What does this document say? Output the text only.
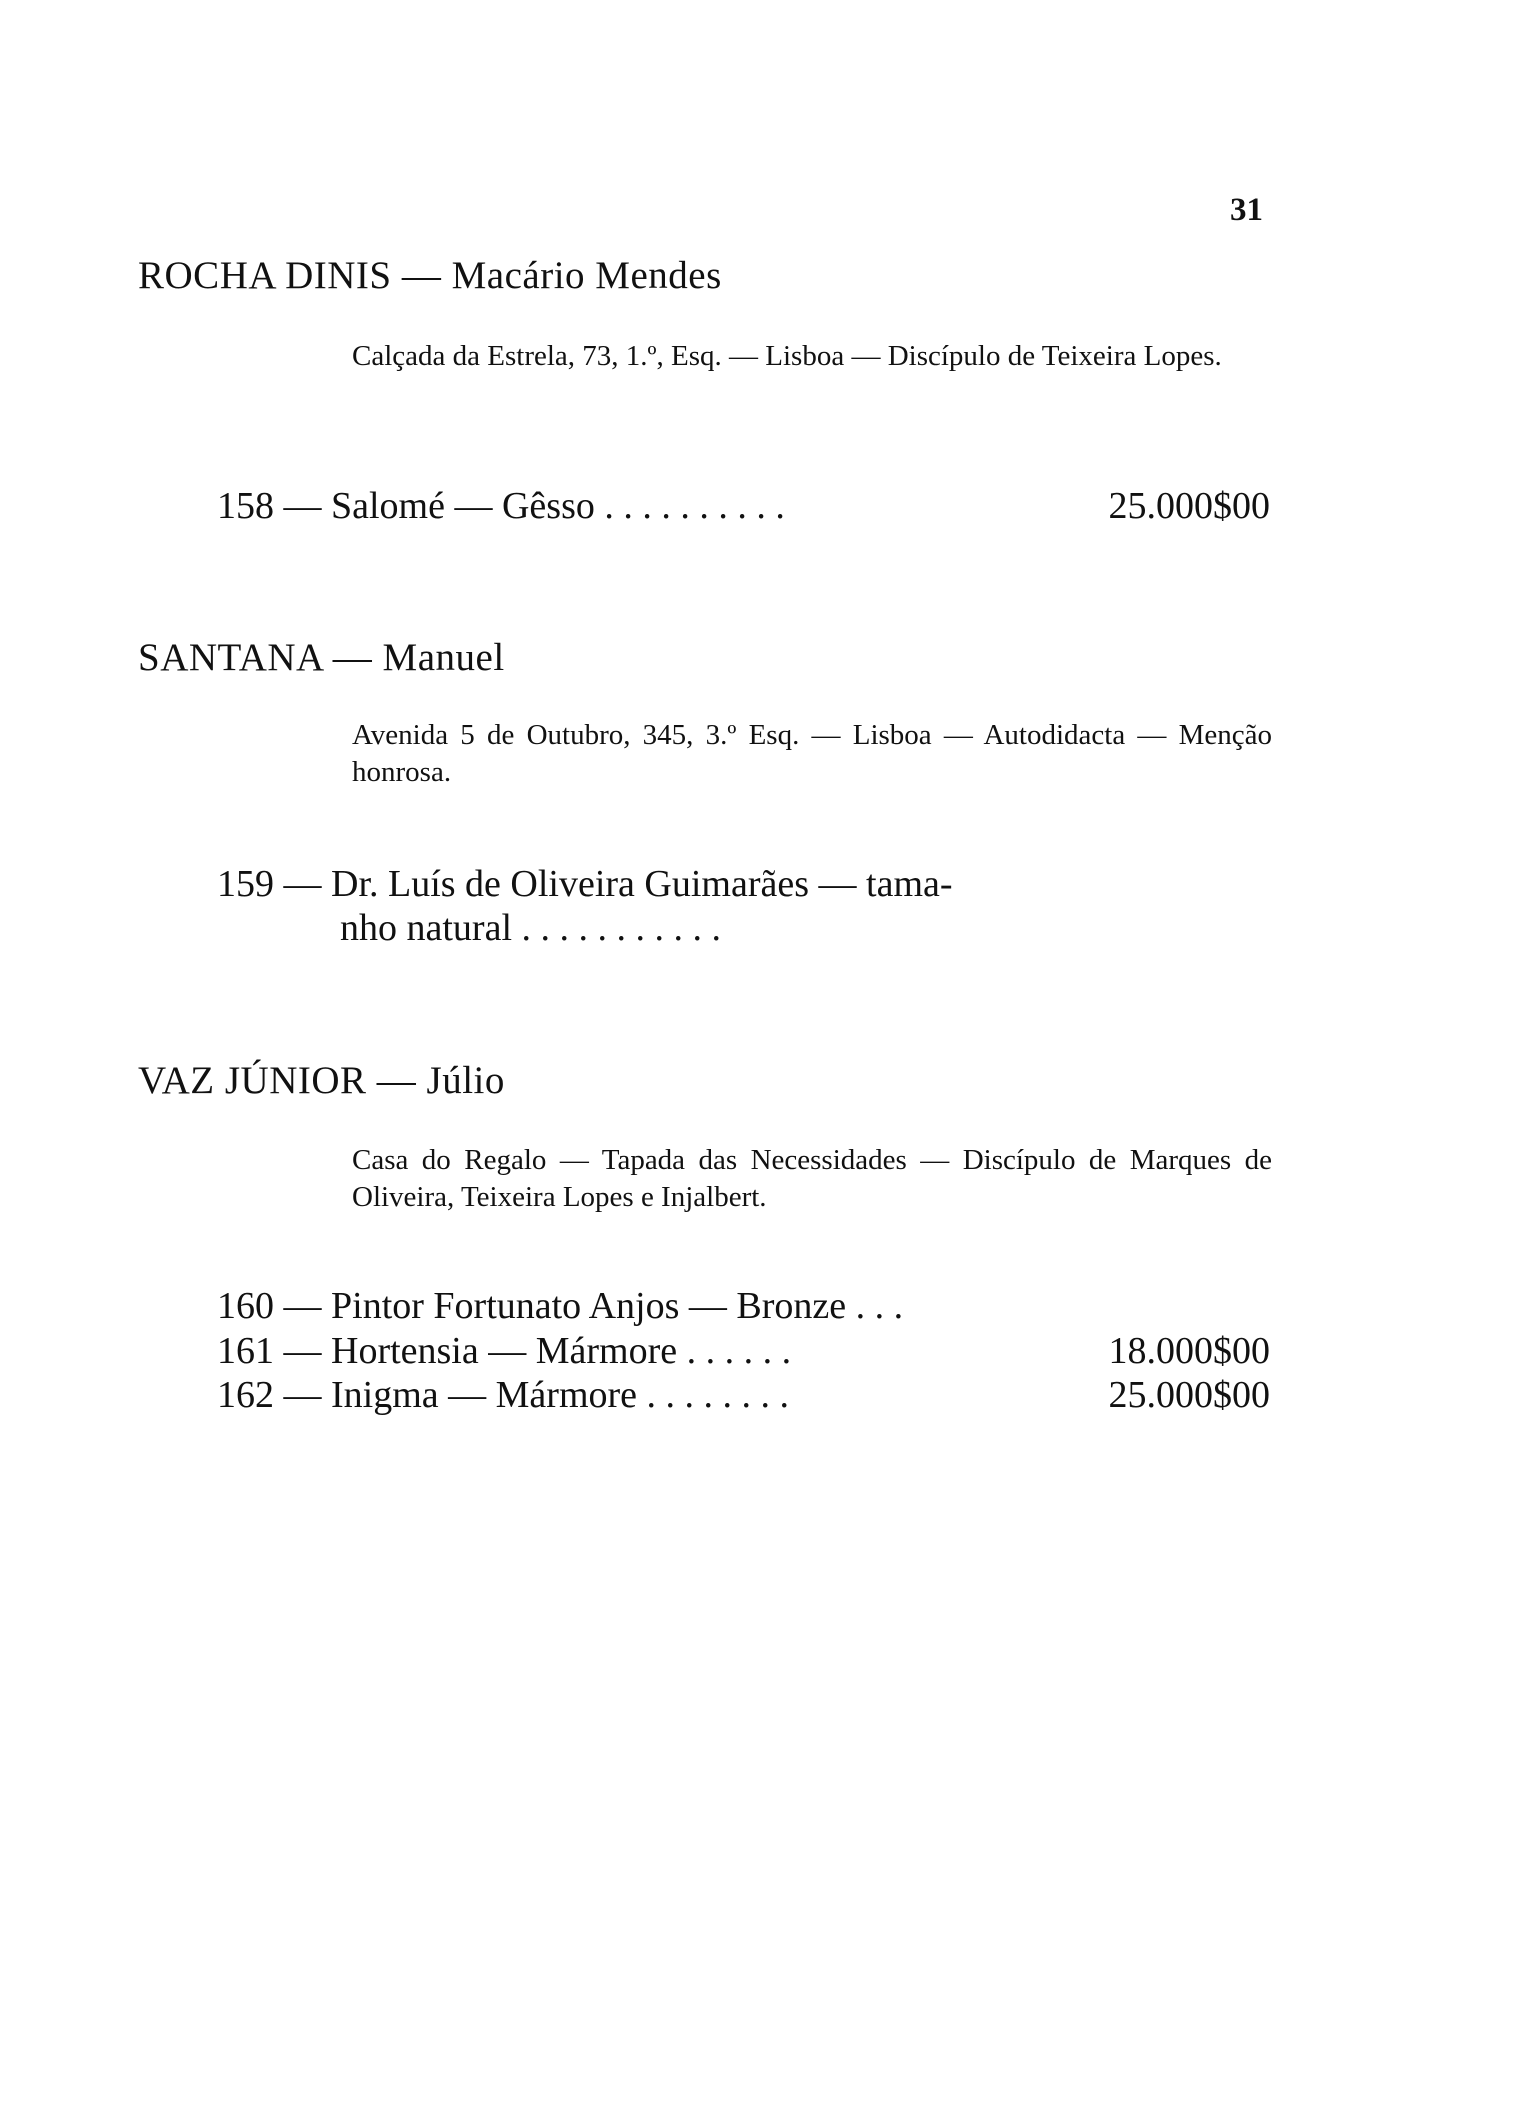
31
ROCHA DINIS — Macário Mendes
Calçada da Estrela, 73, 1.º, Esq. — Lisboa — Discípulo de Teixeira Lopes.
158 — Salomé — Gêsso . . . . . . . . . .	25.000$00
SANTANA — Manuel
Avenida 5 de Outubro, 345, 3.º Esq. — Lisboa — Autodidacta — Menção honrosa.
159 — Dr. Luís de Oliveira Guimarães — tama-
nho natural . . . . . . . . . . .
VAZ JÚNIOR — Júlio
Casa do Regalo — Tapada das Necessidades — Discípulo de Marques de Oliveira, Teixeira Lopes e Injalbert.
160 — Pintor Fortunato Anjos — Bronze . . .
161 — Hortensia — Mármore . . . . . .	18.000$00
162 — Inigma — Mármore . . . . . . . .	25.000$00
